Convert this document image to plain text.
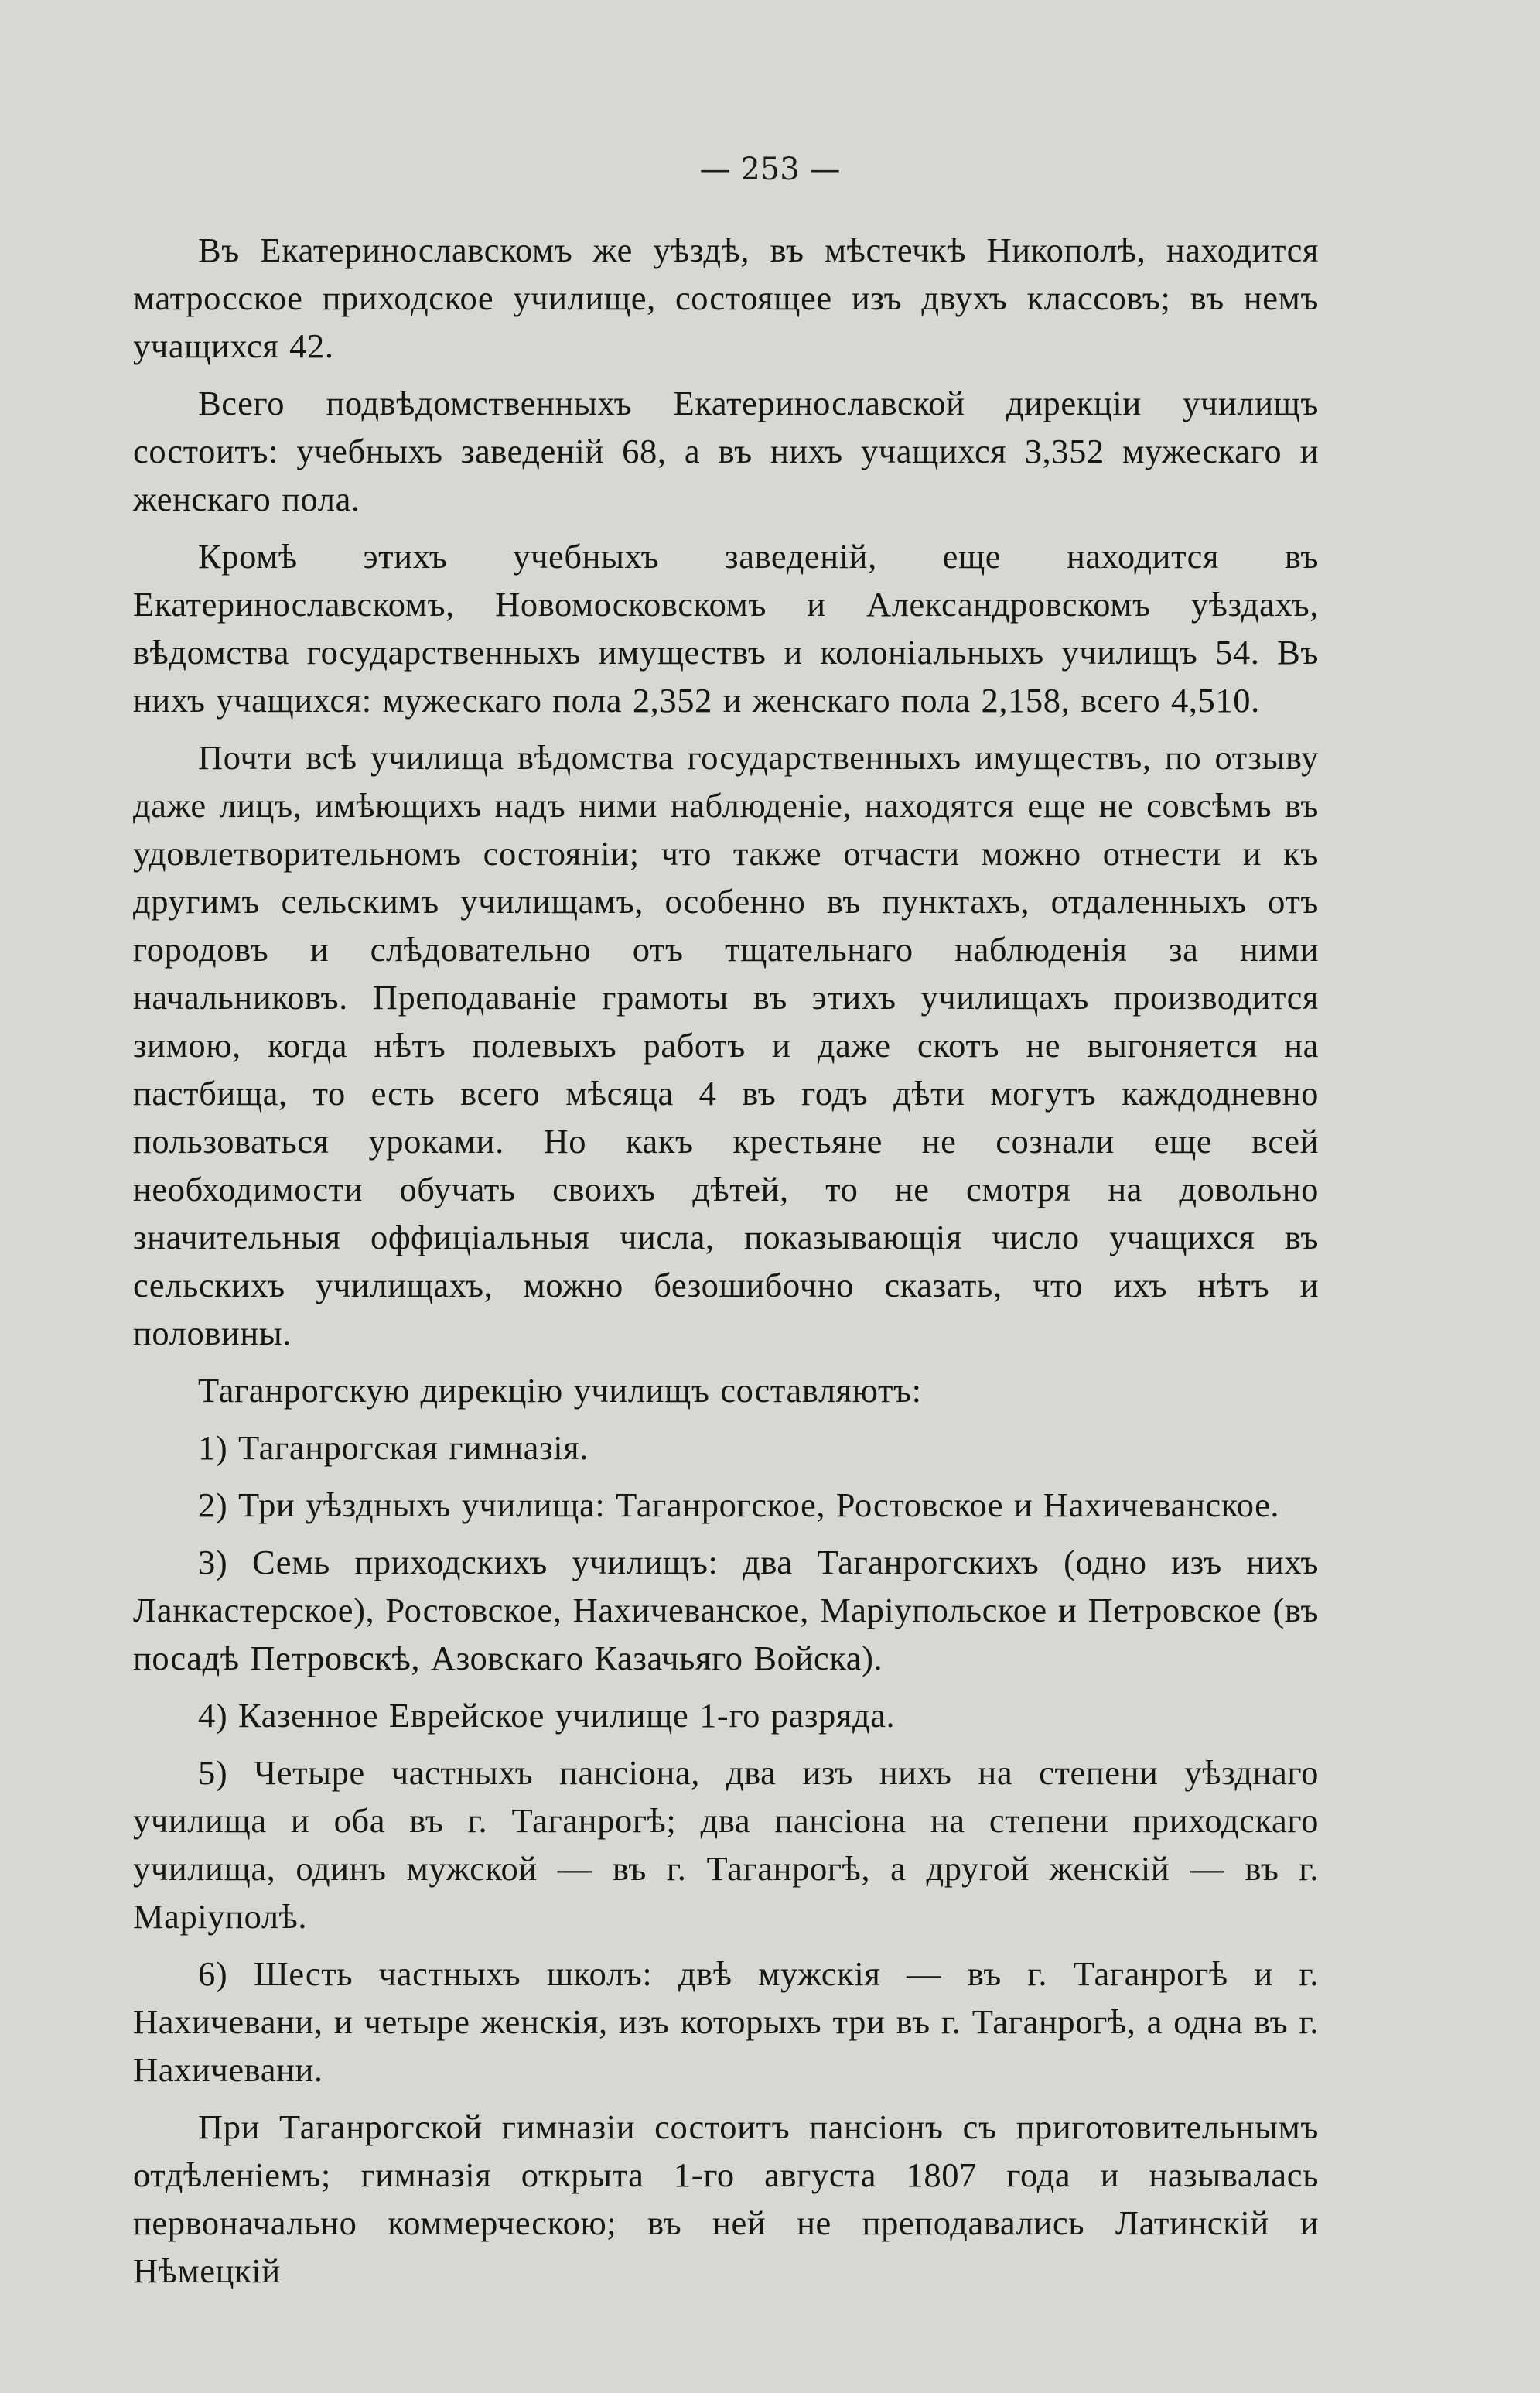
— 253 —

Въ Екатеринославскомъ же уѣздѣ, въ мѣстечкѣ Никополѣ, находится матросское приходское училище, состоящее изъ двухъ классовъ; въ немъ учащихся 42.

Всего подвѣдомственныхъ Екатеринославской дирекціи училищъ состоитъ: учебныхъ заведеній 68, а въ нихъ учащихся 3,352 мужескаго и женскаго пола.

Кромѣ этихъ учебныхъ заведеній, еще находится въ Екатеринославскомъ, Новомосковскомъ и Александровскомъ уѣздахъ, вѣдомства государственныхъ имуществъ и колоніальныхъ училищъ 54. Въ нихъ учащихся: мужескаго пола 2,352 и женскаго пола 2,158, всего 4,510.

Почти всѣ училища вѣдомства государственныхъ имуществъ, по отзыву даже лицъ, имѣющихъ надъ ними наблюденіе, находятся еще не совсѣмъ въ удовлетворительномъ состояніи; что также отчасти можно отнести и къ другимъ сельскимъ училищамъ, особенно въ пунктахъ, отдаленныхъ отъ городовъ и слѣдовательно отъ тщательнаго наблюденія за ними начальниковъ. Преподаваніе грамоты въ этихъ училищахъ производится зимою, когда нѣтъ полевыхъ работъ и даже скотъ не выгоняется на пастбища, то есть всего мѣсяца 4 въ годъ дѣти могутъ каждодневно пользоваться уроками. Но какъ крестьяне не сознали еще всей необходимости обучать своихъ дѣтей, то не смотря на довольно значительныя оффиціальныя числа, показывающія число учащихся въ сельскихъ училищахъ, можно безошибочно сказать, что ихъ нѣтъ и половины.

Таганрогскую дирекцію училищъ составляютъ:

1) Таганрогская гимназія.

2) Три уѣздныхъ училища: Таганрогское, Ростовское и Нахичеванское.

3) Семь приходскихъ училищъ: два Таганрогскихъ (одно изъ нихъ Ланкастерское), Ростовское, Нахичеванское, Маріупольское и Петровское (въ посадѣ Петровскѣ, Азовскаго Казачьяго Войска).

4) Казенное Еврейское училище 1-го разряда.

5) Четыре частныхъ пансіона, два изъ нихъ на степени уѣзднаго училища и оба въ г. Таганрогѣ; два пансіона на степени приходскаго училища, одинъ мужской — въ г. Таганрогѣ, а другой женскій — въ г. Маріуполѣ.

6) Шесть частныхъ школъ: двѣ мужскія — въ г. Таганрогѣ и г. Нахичевани, и четыре женскія, изъ которыхъ три въ г. Таганрогѣ, а одна въ г. Нахичевани.

При Таганрогской гимназіи состоитъ пансіонъ съ приготовительнымъ отдѣленіемъ; гимназія открыта 1-го августа 1807 года и называлась первоначально коммерческою; въ ней не преподавались Латинскій и Нѣмецкій
